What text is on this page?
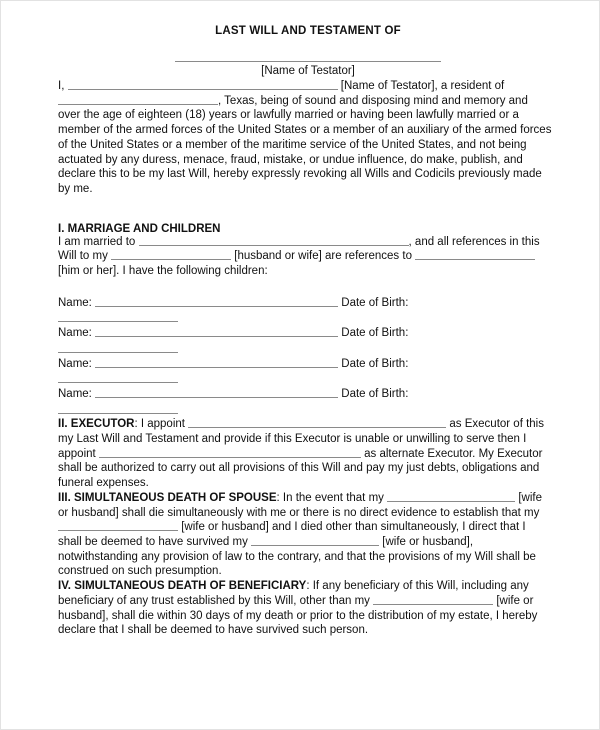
LAST WILL AND TESTAMENT OF
[Name of Testator]

I,	[Name of Testator], a resident of , Texas, being of sound and disposing mind and memory and over the age of eighteen (18) years or lawfully married or having been lawfully married or a member of the armed forces of the United States or a member of an auxiliary of the armed forces of the United States or a member of the maritime service of the United States, and not being actuated by any duress, menace, fraud, mistake, or undue influence, do make, publish, and declare this to be my last Will, hereby expressly revoking all Wills and Codicils previously made by me.

I. MARRIAGE AND CHILDREN

I am married to	, and all references in this Will to my	[husband or wife] are references to  [him or her]. I have the following children:

Name:	Date of Birth:
Name:	Date of Birth:
Name:	Date of Birth:
Name:	Date of Birth:

II. EXECUTOR: I appoint	as Executor of this my Last Will and Testament and provide if this Executor is unable or unwilling to serve then I appoint	as alternate Executor. My Executor shall be authorized to carry out all provisions of this Will and pay my just debts, obligations and funeral expenses.

III. SIMULTANEOUS DEATH OF SPOUSE: In the event that my	[wife or husband] shall die simultaneously with me or there is no direct evidence to establish that my  [wife or husband] and I died other than simultaneously, I direct that I shall be deemed to have survived my	[wife or husband], notwithstanding any provision of law to the contrary, and that the provisions of my Will shall be construed on such presumption.

IV. SIMULTANEOUS DEATH OF BENEFICIARY: If any beneficiary of this Will, including any beneficiary of any trust established by this Will, other than my	[wife or husband], shall die within 30 days of my death or prior to the distribution of my estate, I hereby declare that I shall be deemed to have survived such person.
